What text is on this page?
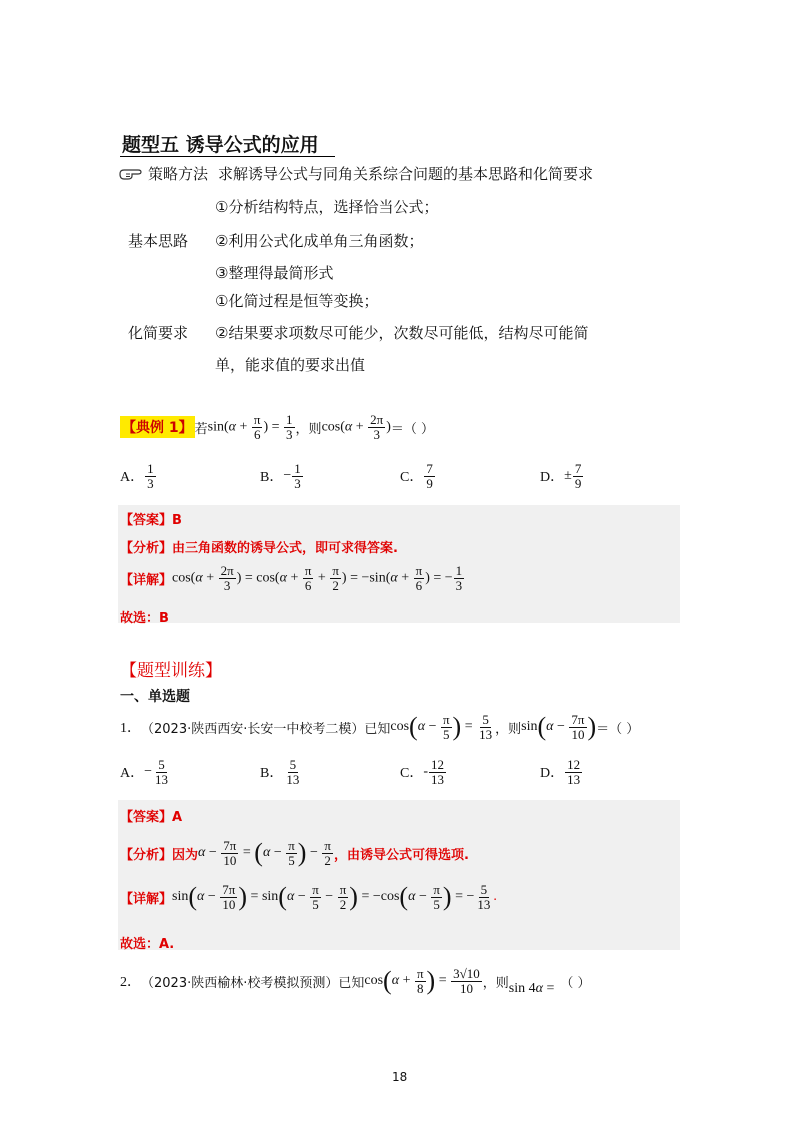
题型五 诱导公式的应用
策略方法 求解诱导公式与同角关系综合问题的基本思路和化简要求
基本思路
①分析结构特点，选择恰当公式；
②利用公式化成单角三角函数；
③整理得最简形式
化简要求
①化简过程是恒等变换；
②结果要求项数尽可能少，次数尽可能低，结构尽可能简
单，能求值的要求出值
【典例 1】 若 $\sin(\alpha + \frac{\pi}{6}$ ) = $\frac{1}{3}$ ，则 $\cos(\alpha + \frac{2\pi}{3}$ ) ＝（ ）
A． $\frac{1}{3}$	B． − $\frac{1}{3}$	C． $\frac{7}{9}$	D． ± $\frac{7}{9}$
【答案】B
【分析】由三角函数的诱导公式，即可求得答案.
【详解】 $\cos(\alpha + \frac{2\pi}{3}$ ) = $\cos(\alpha + \frac{\pi}{6} + \frac{\pi}{2}$ ) = $-\sin(\alpha + \frac{\pi}{6}$ ) = − $\frac{1}{3}$
故选：B
【题型训练】
一、单选题
1． （2023·陕西西安·长安一中校考二模）已知 $\cos(\alpha - \frac{\pi}{5}$ ) = $\frac{5}{13}$ ，则 $\sin(\alpha - \frac{7\pi}{10}$ ) ＝（ ）
A． − $\frac{5}{13}$	B． $\frac{5}{13}$	C． - $\frac{12}{13}$	D． $\frac{12}{13}$
【答案】A
【分析】 因为 $\alpha - \frac{7\pi}{10} = (\alpha - \frac{\pi}{5}$ ) − $\frac{\pi}{2}$ ，由诱导公式可得选项.
【详解】 $\sin(\alpha - \frac{7\pi}{10}$ ) = $\sin(\alpha - \frac{\pi}{5} - \frac{\pi}{2}$ ) = $-\cos(\alpha - \frac{\pi}{5}$ ) = − $\frac{5}{13}$ .
故选：A.
2． （2023·陕西榆林·校考模拟预测）已知 $\cos(\alpha + \frac{\pi}{8}$ ) = $\frac{3√10}{10}$ ，则 sin 4α = （ ）
18
